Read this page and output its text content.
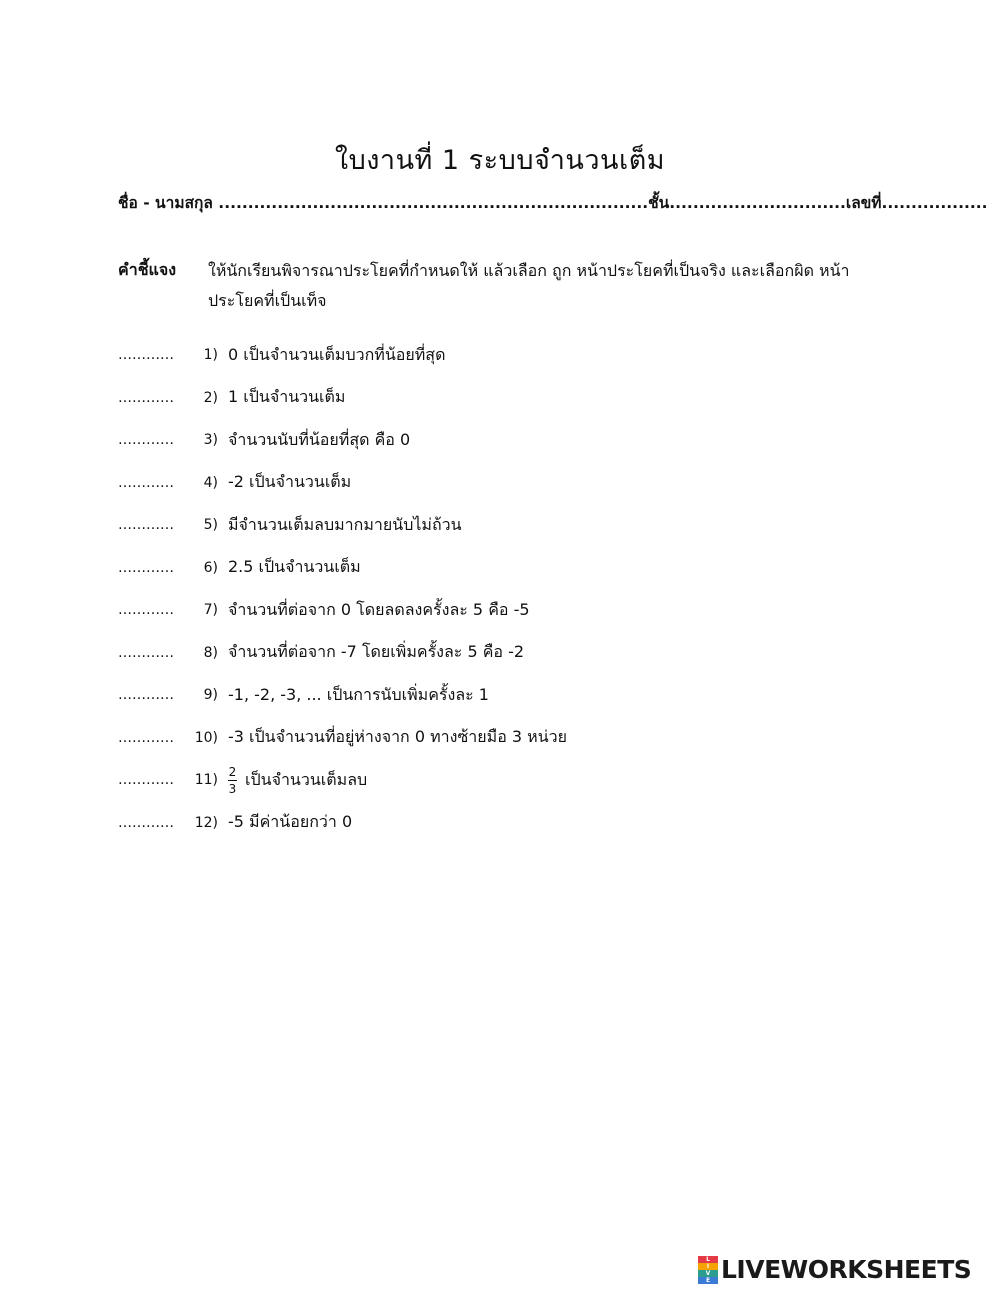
ใบงานที่ 1 ระบบจำนวนเต็ม
ชื่อ - นามสกุล .........................................................................ชั้น..............................เลขที่..................
คำชี้แจง ให้นักเรียนพิจารณาประโยคที่กำหนดให้ แล้วเลือก ถูก หน้าประโยคที่เป็นจริง และเลือกผิด หน้าประโยคที่เป็นเท็จ
…………	1) 0 เป็นจำนวนเต็มบวกที่น้อยที่สุด
…………	2) 1 เป็นจำนวนเต็ม
…………	3) จำนวนนับที่น้อยที่สุด คือ 0
…………	4) -2 เป็นจำนวนเต็ม
…………	5) มีจำนวนเต็มลบมากมายนับไม่ถ้วน
…………	6) 2.5 เป็นจำนวนเต็ม
…………	7) จำนวนที่ต่อจาก 0 โดยลดลงครั้งละ 5 คือ -5
…………	8) จำนวนที่ต่อจาก -7 โดยเพิ่มครั้งละ 5 คือ -2
…………	9) -1, -2, -3, ... เป็นการนับเพิ่มครั้งละ 1
…………	10) -3 เป็นจำนวนที่อยู่ห่างจาก 0 ทางซ้ายมือ 3 หน่วย
…………	$11) \frac{2}{3}$ เป็นจำนวนเต็มลบ
…………	12) -5 มีค่าน้อยกว่า 0
L
I
V
E LIVEWORKSHEETS
